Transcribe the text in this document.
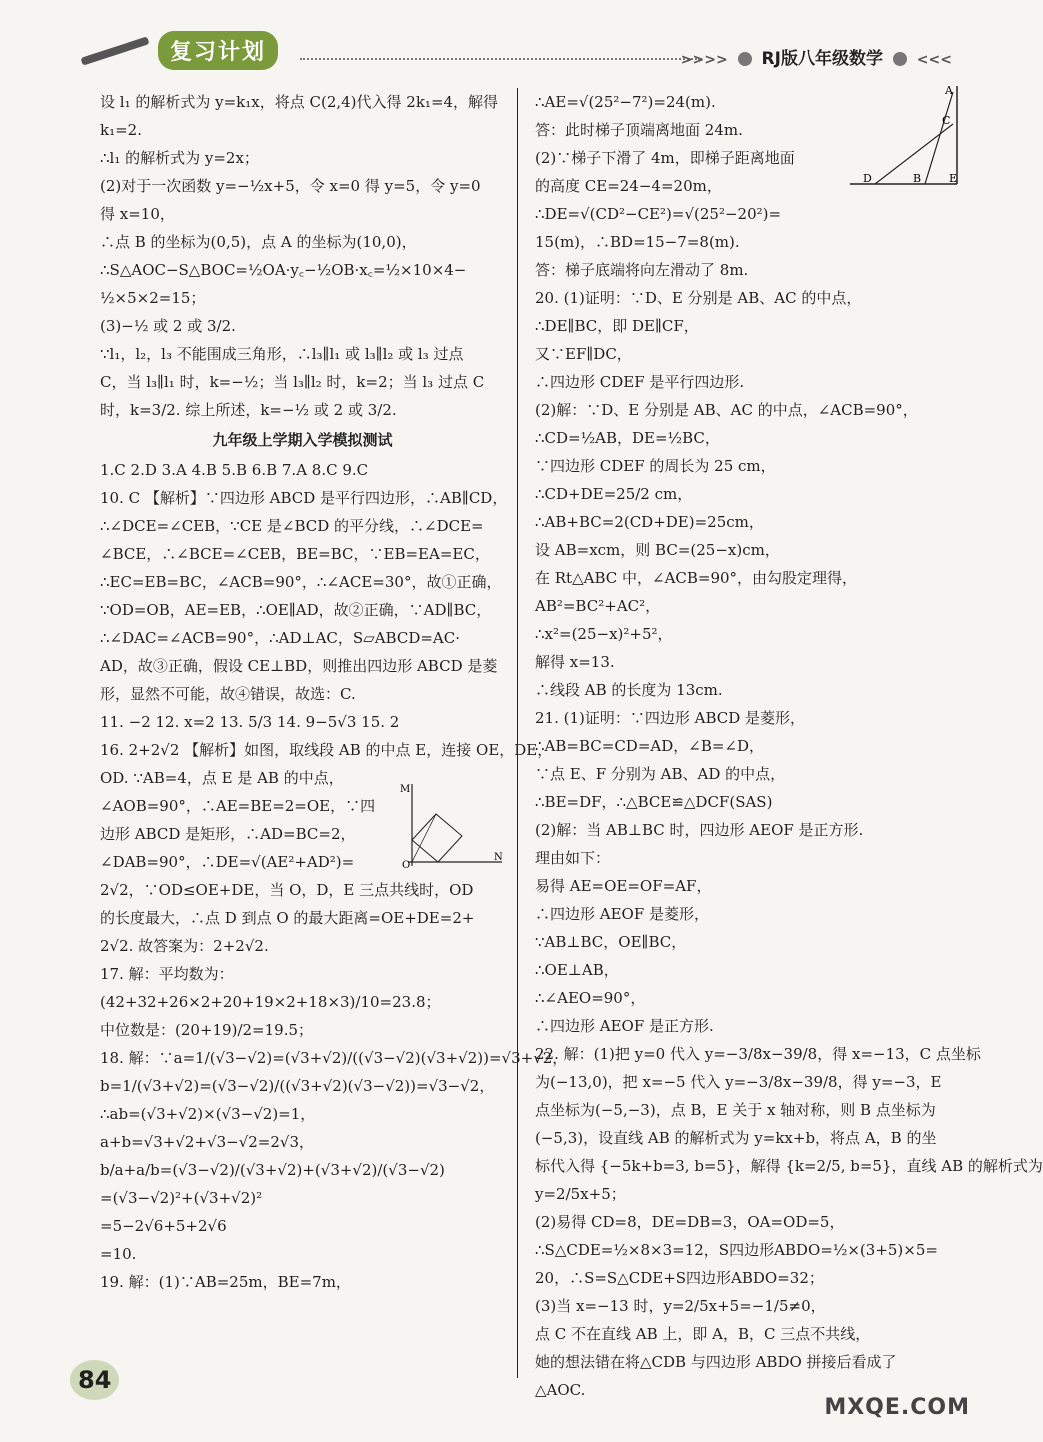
复习计划	>>>> RJ版八年级数学 <<<
设 l₁ 的解析式为 y=k₁x，将点 C(2,4)代入得 2k₁=4，解得
k₁=2.
∴l₁ 的解析式为 y=2x；
(2)对于一次函数 y=−½x+5，令 x=0 得 y=5，令 y=0
得 x=10，
∴点 B 的坐标为(0,5)，点 A 的坐标为(10,0)，
∴S△AOC−S△BOC=½OA·y꜀−½OB·x꜀=½×10×4−
½×5×2=15；
(3)−½ 或 2 或 3/2.
∵l₁，l₂，l₃ 不能围成三角形，∴l₃∥l₁ 或 l₃∥l₂ 或 l₃ 过点
C，当 l₃∥l₁ 时，k=−½；当 l₃∥l₂ 时，k=2；当 l₃ 过点 C
时，k=3/2. 综上所述，k=−½ 或 2 或 3/2.
九年级上学期入学模拟测试
1.C 2.D 3.A 4.B 5.B 6.B 7.A 8.C 9.C
10. C 【解析】∵四边形 ABCD 是平行四边形，∴AB∥CD，
∴∠DCE=∠CEB，∵CE 是∠BCD 的平分线，∴∠DCE=
∠BCE，∴∠BCE=∠CEB，BE=BC，∵EB=EA=EC，
∴EC=EB=BC，∠ACB=90°，∴∠ACE=30°，故①正确，
∵OD=OB，AE=EB，∴OE∥AD，故②正确，∵AD∥BC，
∴∠DAC=∠ACB=90°，∴AD⊥AC，S▱ABCD=AC·
AD，故③正确，假设 CE⊥BD，则推出四边形 ABCD 是菱
形，显然不可能，故④错误，故选：C.
11. −2 12. x=2 13. 5/3 14. 9−5√3 15. 2
16. 2+2√2 【解析】如图，取线段 AB 的中点 E，连接 OE，DE，
OD. ∵AB=4，点 E 是 AB 的中点，
∠AOB=90°，∴AE=BE=2=OE，∵四
边形 ABCD 是矩形，∴AD=BC=2，
∠DAB=90°，∴DE=√(AE²+AD²)=
2√2，∵OD≤OE+DE，当 O，D，E 三点共线时，OD
的长度最大，∴点 D 到点 O 的最大距离=OE+DE=2+
2√2. 故答案为：2+2√2.
17. 解：平均数为：
(42+32+26×2+20+19×2+18×3)/10=23.8；
中位数是：(20+19)/2=19.5；
18. 解：∵a=1/(√3−√2)=(√3+√2)/((√3−√2)(√3+√2))=√3+√2，
b=1/(√3+√2)=(√3−√2)/((√3+√2)(√3−√2))=√3−√2，
∴ab=(√3+√2)×(√3−√2)=1，
a+b=√3+√2+√3−√2=2√3，
b/a+a/b=(√3−√2)/(√3+√2)+(√3+√2)/(√3−√2)
=(√3−√2)²+(√3+√2)²
=5−2√6+5+2√6
=10.
19. 解：(1)∵AB=25m，BE=7m，
∴AE=√(25²−7²)=24(m).
答：此时梯子顶端离地面 24m.
(2)∵梯子下滑了 4m，即梯子距离地面
的高度 CE=24−4=20m，
∴DE=√(CD²−CE²)=√(25²−20²)=
15(m)，∴BD=15−7=8(m).
答：梯子底端将向左滑动了 8m.
20. (1)证明：∵D、E 分别是 AB、AC 的中点，
∴DE∥BC，即 DE∥CF，
又∵EF∥DC，
∴四边形 CDEF 是平行四边形.
(2)解：∵D、E 分别是 AB、AC 的中点，∠ACB=90°，
∴CD=½AB，DE=½BC，
∵四边形 CDEF 的周长为 25 cm，
∴CD+DE=25/2 cm，
∴AB+BC=2(CD+DE)=25cm，
设 AB=xcm，则 BC=(25−x)cm，
在 Rt△ABC 中，∠ACB=90°，由勾股定理得，
AB²=BC²+AC²，
∴x²=(25−x)²+5²，
解得 x=13.
∴线段 AB 的长度为 13cm.
21. (1)证明：∵四边形 ABCD 是菱形，
∴AB=BC=CD=AD，∠B=∠D，
∵点 E、F 分别为 AB、AD 的中点，
∴BE=DF，∴△BCE≌△DCF(SAS)
(2)解：当 AB⊥BC 时，四边形 AEOF 是正方形.
理由如下：
易得 AE=OE=OF=AF，
∴四边形 AEOF 是菱形，
∵AB⊥BC，OE∥BC，
∴OE⊥AB，
∴∠AEO=90°，
∴四边形 AEOF 是正方形.
22. 解：(1)把 y=0 代入 y=−3/8x−39/8，得 x=−13，C 点坐标
为(−13,0)，把 x=−5 代入 y=−3/8x−39/8，得 y=−3，E
点坐标为(−5,−3)，点 B，E 关于 x 轴对称，则 B 点坐标为
(−5,3)，设直线 AB 的解析式为 y=kx+b，将点 A，B 的坐
标代入得 {−5k+b=3, b=5}，解得 {k=2/5, b=5}，直线 AB 的解析式为
y=2/5x+5；
(2)易得 CD=8，DE=DB=3，OA=OD=5，
∴S△CDE=½×8×3=12，S四边形ABDO=½×(3+5)×5=
20，∴S=S△CDE+S四边形ABDO=32；
(3)当 x=−13 时，y=2/5x+5=−1/5≠0，
点 C 不在直线 AB 上，即 A，B，C 三点不共线，
她的想法错在将△CDB 与四边形 ABDO 拼接后看成了
△AOC.
A
C
D	B	E
M
N
O
84
MXQE.COM
